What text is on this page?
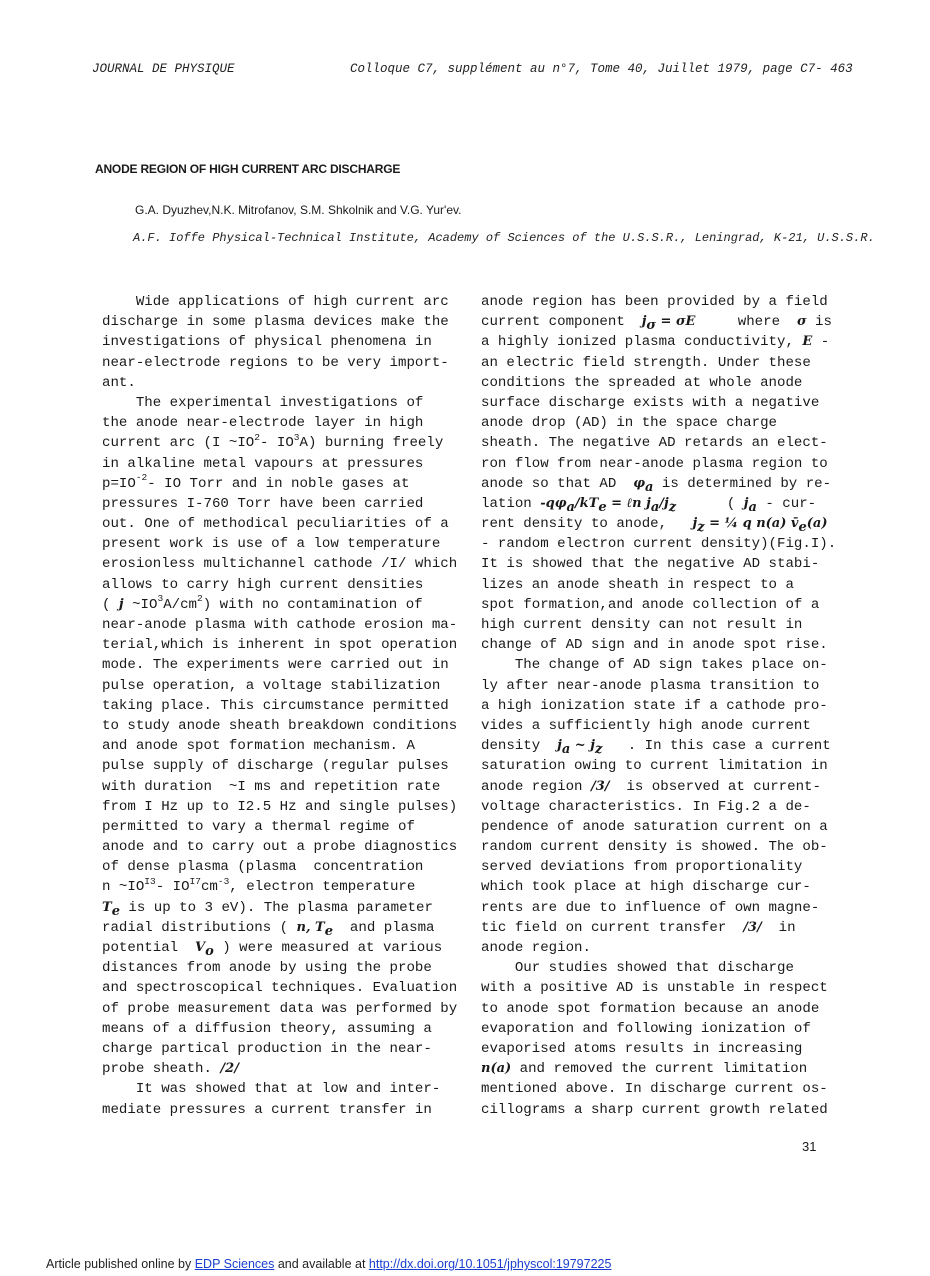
JOURNAL DE PHYSIQUE	Colloque C7, supplément au n°7, Tome 40, Juillet 1979, page C7- 463
ANODE REGION OF HIGH CURRENT ARC DISCHARGE
G.A. Dyuzhev,N.K. Mitrofanov, S.M. Shkolnik and V.G. Yur'ev.
A.F. Ioffe Physical-Technical Institute, Academy of Sciences of the U.S.S.R., Leningrad, K-21, U.S.S.R.
Wide applications of high current arc
discharge in some plasma devices make the
investigations of physical phenomena in
near-electrode regions to be very import-
ant.
The experimental investigations of
the anode near-electrode layer in high
current arc (I $\sim IO^2-$ $IO^3A$) burning freely
in alkaline metal vapours at pressures
$p=IO^{-2}-$ IO Torr and in noble gases at
pressures I-760 Torr have been carried
out. One of methodical peculiarities of a
present work is use of a low temperature
erosionless multichannel cathode /I/ which
allows to carry high current densities
( j $\sim IO^3A/cm^2$) with no contamination of
near-anode plasma with cathode erosion ma-
terial,which is inherent in spot operation
mode. The experiments were carried out in
pulse operation, a voltage stabilization
taking place. This circumstance permitted
to study anode sheath breakdown conditions
and anode spot formation mechanism. A
pulse supply of discharge (regular pulses
with duration  ~I ms and repetition rate
from I Hz up to I2.5 Hz and single pulses)
permitted to vary a thermal regime of
anode and to carry out a probe diagnostics
of dense plasma (plasma  concentration
n $\sim IO^{I3}-$ $IO^{I7}cm^{-3}$, electron temperature
$T_e$ is up to 3 eV). The plasma parameter
radial distributions ( n, $T_e$  and plasma
potential  $V_o$ ) were measured at various
distances from anode by using the probe
and spectroscopical techniques. Evaluation
of probe measurement data was performed by
means of a diffusion theory, assuming a
charge partical production in the near-
probe sheath. /2/
It was showed that at low and inter-
mediate pressures a current transfer in
anode region has been provided by a field
current component  $j_\sigma = \sigma E$     where  σ is
a highly ionized plasma conductivity, E -
an electric field strength. Under these
conditions the spreaded at whole anode
surface discharge exists with a negative
anode drop (AD) in the space charge
sheath. The negative AD retards an elect-
ron flow from near-anode plasma region to
anode so that AD  $\varphi_a$ is determined by re-
lation $-q\varphi_a/kT_e$ = ℓn $j_a/j_z$      ( $j_a - cur-$
rent density to anode,   $j_z$ = ¼ q n(a) $v̄_e(a)$
- random electron current density)(Fig.I).
It is showed that the negative AD stabi-
lizes an anode sheath in respect to a
spot formation,and anode collection of a
high current density can not result in
change of AD sign and in anode spot rise.
The change of AD sign takes place on-
ly after near-anode plasma transition to
a high ionization state if a cathode pro-
vides a sufficiently high anode current
density  $j_a$ ~ $j_z$   . In this case a current
saturation owing to current limitation in
anode region /3/  is observed at current-
voltage characteristics. In Fig.2 a de-
pendence of anode saturation current on a
random current density is showed. The ob-
served deviations from proportionality
which took place at high discharge cur-
rents are due to influence of own magne-
tic field on current transfer  /3/  in
anode region.
Our studies showed that discharge
with a positive AD is unstable in respect
to anode spot formation because an anode
evaporation and following ionization of
evaporised atoms results in increasing
n(a) and removed the current limitation
mentioned above. In discharge current os-
cillograms a sharp current growth related
31
Article published online by EDP Sciences and available at http://dx.doi.org/10.1051/jphyscol:19797225
